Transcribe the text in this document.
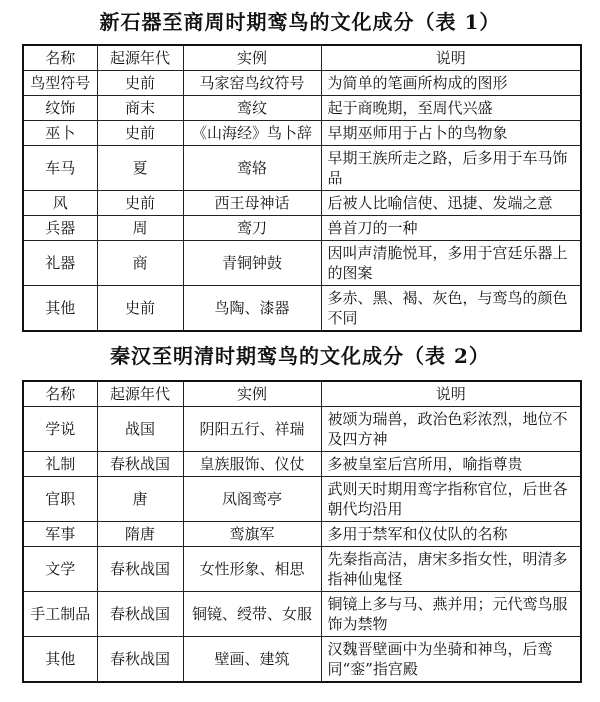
新石器至商周时期鸾鸟的文化成分（表 1）
名称	起源年代	实例	说明
鸟型符号	史前	马家窑鸟纹符号	为简单的笔画所构成的图形
纹饰	商末	鸾纹	起于商晚期，至周代兴盛
巫卜	史前	《山海经》鸟卜辞	早期巫师用于占卜的鸟物象
车马	夏	鸾辂	早期王族所走之路，后多用于车马饰品
风	史前	西王母神话	后被人比喻信使、迅捷、发端之意
兵器	周	鸾刀	兽首刀的一种
礼器	商	青铜钟鼓	因叫声清脆悦耳，多用于宫廷乐器上的图案
其他	史前	鸟陶、漆器	多赤、黑、褐、灰色，与鸾鸟的颜色不同
秦汉至明清时期鸾鸟的文化成分（表 2）
名称	起源年代	实例	说明
学说	战国	阴阳五行、祥瑞	被颂为瑞兽，政治色彩浓烈，地位不及四方神
礼制	春秋战国	皇族服饰、仪仗	多被皇室后宫所用，喻指尊贵
官职	唐	凤阁鸾亭	武则天时期用鸾字指称官位，后世各朝代均沿用
军事	隋唐	鸾旗军	多用于禁军和仪仗队的名称
文学	春秋战国	女性形象、相思	先秦指高洁，唐宋多指女性，明清多指神仙鬼怪
手工制品	春秋战国	铜镜、绶带、女服	铜镜上多与马、燕并用；元代鸾鸟服饰为禁物
其他	春秋战国	壁画、建筑	汉魏晋壁画中为坐骑和神鸟，后鸾同“銮”指宫殿
